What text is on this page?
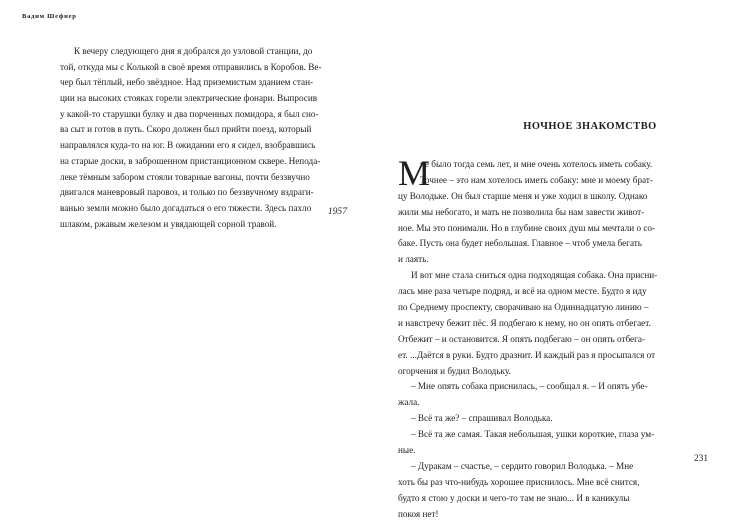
Вадим Шефнер
К вечеру следующего дня я добрался до узловой станции, до
той, откуда мы с Колькой в своё время отправились в Коробов. Ве-
чер был тёплый, небо звёздное. Над приземистым зданием стан-
ции на высоких стояках горели электрические фонари. Выпросив
у какой-то старушки булку и два порченных помидора, я был сно-
ва сыт и готов в путь. Скоро должен был прийти поезд, который
направлялся куда-то на юг. В ожидании его я сидел, взобравшись
на старые доски, в заброшенном пристанционном сквере. Непода-
леке тёмным забором стояли товарные вагоны, почти беззвучно
двигался маневровый паровоз, и только по беззвучному вздраги-
ванью земли можно было догадаться о его тяжести. Здесь пахло
шлаком, ржавым железом и увядающей сорной травой.
1957
НОЧНОЕ ЗНАКОМСТВО
М
не было тогда семь лет, и мне очень хотелось иметь собаку.
Точнее – это нам хотелось иметь собаку: мне и моему брат-
цу Володьке. Он был старше меня и уже ходил в школу. Однако
жили мы небогато, и мать не позволила бы нам завести живот-
ное. Мы это понимали. Но в глубине своих душ мы мечтали о со-
баке. Пусть она будет небольшая. Главное – чтоб умела бегать
и лаять.
И вот мне стала сниться одна подходящая собака. Она присни-
лась мне раза четыре подряд, и всё на одном месте. Будто я иду
по Среднему проспекту, сворачиваю на Одиннадцатую линию –
и навстречу бежит пёс. Я подбегаю к нему, но он опять отбегает.
Отбежит – и остановится. Я опять подбегаю – он опять отбега-
ет. ...Даётся в руки. Будто дразнит. И каждый раз я просыпался от
огорчения и будил Володьку.
– Мне опять собака приснилась, – сообщал я. – И опять убе-
жала.
– Всё та же? – спрашивал Володька.
– Всё та же самая. Такая небольшая, ушки короткие, глаза ум-
ные.
– Дуракам – счастье, – сердито говорил Володька. – Мне
хоть бы раз что-нибудь хорошее приснилось. Мне всё снится,
будто я стою у доски и чего-то там не знаю... И в каникулы
покоя нет!
231
